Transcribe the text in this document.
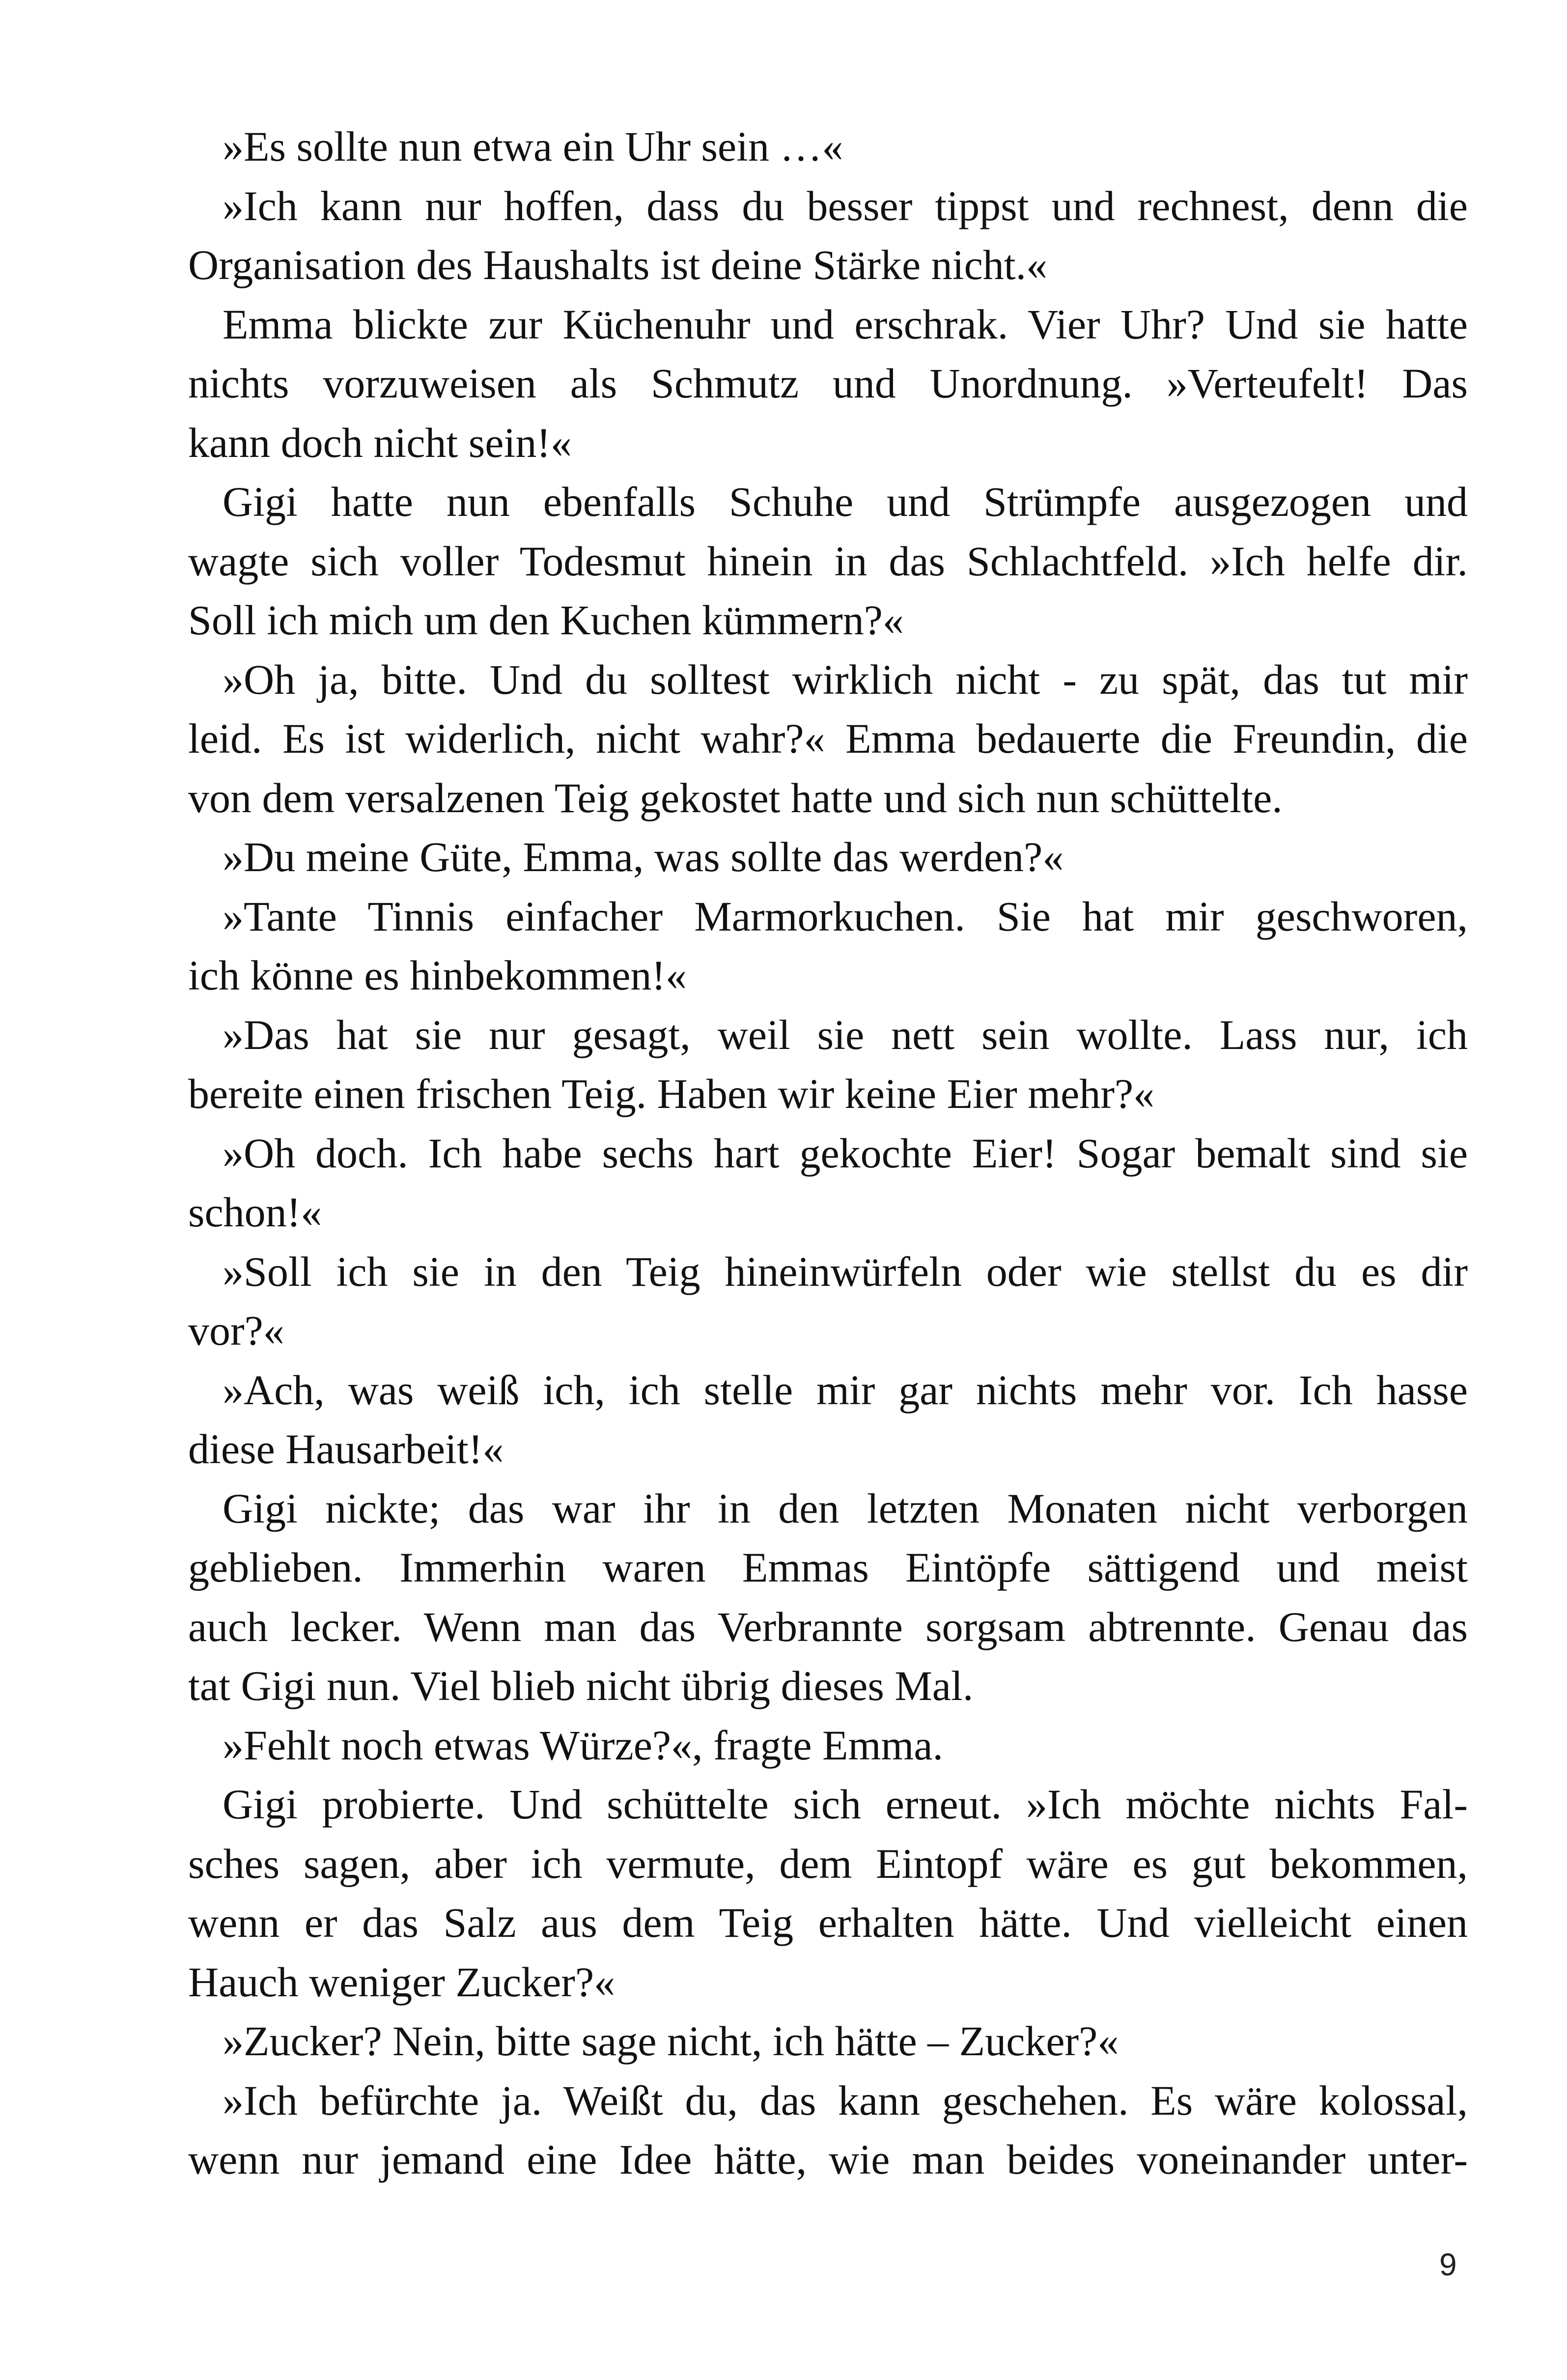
»Es sollte nun etwa ein Uhr sein …«
»Ich kann nur hoffen, dass du besser tippst und rechnest, denn die
Organisation des Haushalts ist deine Stärke nicht.«
Emma blickte zur Küchenuhr und erschrak. Vier Uhr? Und sie hatte
nichts vorzuweisen als Schmutz und Unordnung. »Verteufelt! Das
kann doch nicht sein!«
Gigi hatte nun ebenfalls Schuhe und Strümpfe ausgezogen und
wagte sich voller Todesmut hinein in das Schlachtfeld. »Ich helfe dir.
Soll ich mich um den Kuchen kümmern?«
»Oh ja, bitte. Und du solltest wirklich nicht - zu spät, das tut mir
leid. Es ist widerlich, nicht wahr?« Emma bedauerte die Freundin, die
von dem versalzenen Teig gekostet hatte und sich nun schüttelte.
»Du meine Güte, Emma, was sollte das werden?«
»Tante Tinnis einfacher Marmorkuchen. Sie hat mir geschworen,
ich könne es hinbekommen!«
»Das hat sie nur gesagt, weil sie nett sein wollte. Lass nur, ich
bereite einen frischen Teig. Haben wir keine Eier mehr?«
»Oh doch. Ich habe sechs hart gekochte Eier! Sogar bemalt sind sie
schon!«
»Soll ich sie in den Teig hineinwürfeln oder wie stellst du es dir
vor?«
»Ach, was weiß ich, ich stelle mir gar nichts mehr vor. Ich hasse
diese Hausarbeit!«
Gigi nickte; das war ihr in den letzten Monaten nicht verborgen
geblieben. Immerhin waren Emmas Eintöpfe sättigend und meist
auch lecker. Wenn man das Verbrannte sorgsam abtrennte. Genau das
tat Gigi nun. Viel blieb nicht übrig dieses Mal.
»Fehlt noch etwas Würze?«, fragte Emma.
Gigi probierte. Und schüttelte sich erneut. »Ich möchte nichts Fal-
sches sagen, aber ich vermute, dem Eintopf wäre es gut bekommen,
wenn er das Salz aus dem Teig erhalten hätte. Und vielleicht einen
Hauch weniger Zucker?«
»Zucker? Nein, bitte sage nicht, ich hätte – Zucker?«
»Ich befürchte ja. Weißt du, das kann geschehen. Es wäre kolossal,
wenn nur jemand eine Idee hätte, wie man beides voneinander unter-
9
